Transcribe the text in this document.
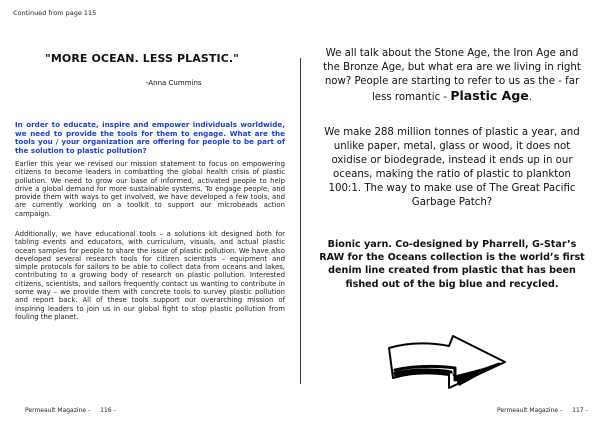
Continued from page 115
"MORE OCEAN. LESS PLASTIC."
-Anna Cummins
In order to educate, inspire and empower individuals worldwide, we need to provide the tools for them to engage. What are the tools you / your organization are offering for people to be part of the solution to plastic pollution?
Earlier this year we revised our mission statement to focus on empowering citizens to become leaders in combatting the global health crisis of plastic pollution. We need to grow our base of informed, activated people to help drive a global demand for more sustainable systems. To engage people, and provide them with ways to get involved, we have developed a few tools, and are currently working on a toolkit to support our microbeads action campaign.
Additionally, we have educational tools – a solutions kit designed both for tabling events and educators, with curriculum, visuals, and actual plastic ocean samples for people to share the issue of plastic pollution. We have also developed several research tools for citizen scientists – equipment and simple protocols for sailors to be able to collect data from oceans and lakes, contributing to a growing body of research on plastic pollution. Interested citizens, scientists, and sailors frequently contact us wanting to contribute in some way – we provide them with concrete tools to survey plastic pollution and report back. All of these tools support our overarching mission of inspiring leaders to join us in our global fight to stop plastic pollution from fouling the planet.
We all talk about the Stone Age, the Iron Age and the Bronze Age, but what era are we living in right now? People are starting to refer to us as the - far less romantic - Plastic Age.
We make 288 million tonnes of plastic a year, and unlike paper, metal, glass or wood, it does not oxidise or biodegrade, instead it ends up in our oceans, making the ratio of plastic to plankton 100:1. The way to make use of The Great Pacific Garbage Patch?
Bionic yarn. Co-designed by Pharrell, G-Star’s RAW for the Oceans collection is the world’s first denim line created from plastic that has been fished out of the big blue and recycled.
Permeault Magazine - 116 -	Permeault Magazine - 117 -
